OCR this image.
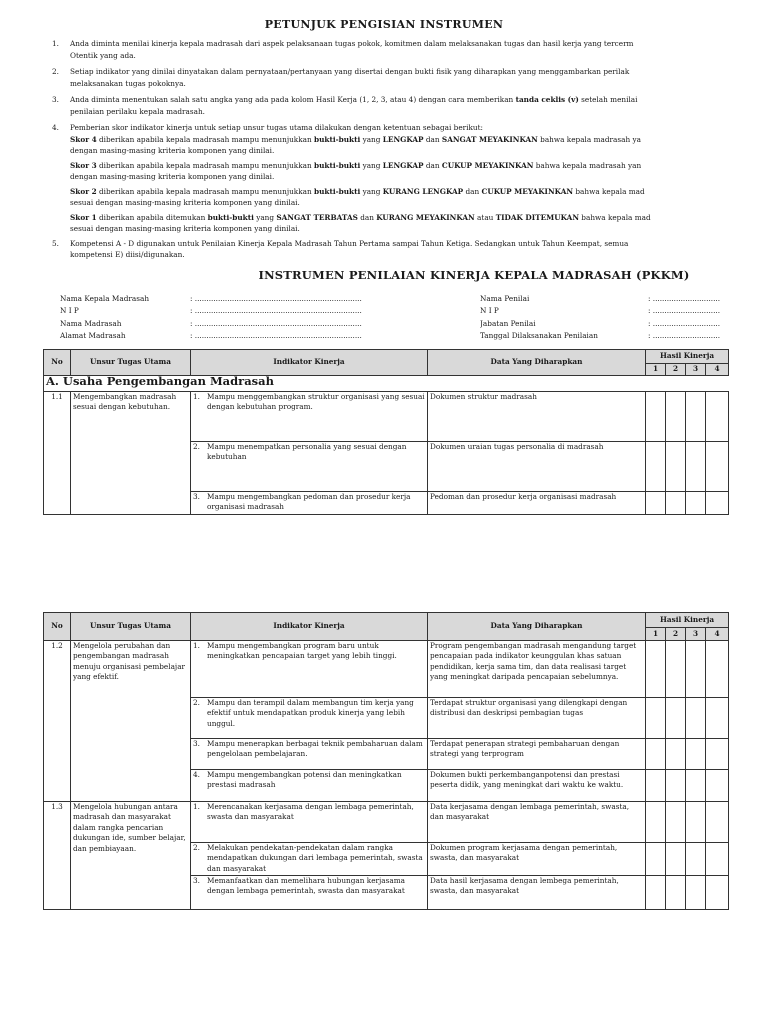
PETUNJUK PENGISIAN INSTRUMEN
1. Anda diminta menilai kinerja kepala madrasah dari aspek pelaksanaan tugas pokok, komitmen dalam melaksanakan tugas dan hasil kerja yang tercerm
Otentik yang ada.
2. Setiap indikator yang dinilai dinyatakan dalam pernyataan/pertanyaan yang disertai dengan bukti fisik yang diharapkan yang menggambarkan perilak
melaksanakan tugas pokoknya.
3. Anda diminta menentukan salah satu angka yang ada pada kolom Hasil Kerja (1, 2, 3, atau 4) dengan cara memberikan tanda ceklis (v) setelah menilai
penilaian perilaku kepala madrasah.
4. Pemberian skor indikator kinerja untuk setiap unsur tugas utama dilakukan dengan ketentuan sebagai berikut:
Skor 4 diberikan apabila kepala madrasah mampu menunjukkan bukti-bukti yang LENGKAP dan SANGAT MEYAKINKAN bahwa kepala madrasah ya
dengan masing-masing kriteria komponen yang dinilai.
Skor 3 diberikan apabila kepala madrasah mampu menunjukkan bukti-bukti yang LENGKAP dan CUKUP MEYAKINKAN bahwa kepala madrasah yan
dengan masing-masing kriteria komponen yang dinilai.
Skor 2 diberikan apabila kepala madrasah mampu menunjukkan bukti-bukti yang KURANG LENGKAP dan CUKUP MEYAKINKAN bahwa kepala mad
sesuai dengan masing-masing kriteria komponen yang dinilai.
Skor 1 diberikan apabila ditemukan bukti-bukti yang SANGAT TERBATAS dan KURANG MEYAKINKAN atau TIDAK DITEMUKAN bahwa kepala mad
sesuai dengan masing-masing kriteria komponen yang dinilai.
5. Kompetensi A - D digunakan untuk Penilaian Kinerja Kepala Madrasah Tahun Pertama sampai Tahun Ketiga. Sedangkan untuk Tahun Keempat, semua
kompetensi E) diisi/digunakan.
INSTRUMEN PENILAIAN KINERJA KEPALA MADRASAH (PKKM)
Nama Kepala Madrasah	: ........................................................................
N I P	: ........................................................................
Nama Madrasah	: ........................................................................
Alamat Madrasah	: ........................................................................
Nama Penilai	: .............................
N I P	: .............................
Jabatan Penilai	: .............................
Tanggal Dilaksanakan Penilaian	: .............................
No	Unsur Tugas Utama	Indikator Kinerja	Data Yang Diharapkan	Hasil Kinerja			
				1	2	3	4
A. Usaha Pengembangan Madrasah							
1.1	Mengembangkan madrasah sesuai dengan kebutuhan.	1. Mampu menggembangkan struktur organisasi yang sesuai dengan kebutuhan program.	Dokumen struktur madrasah				

		2. Mampu menempatkan personalia yang sesuai dengan kebutuhan	Dokumen uraian tugas personalia di madrasah				

		3. Mampu mengembangkan pedoman dan prosedur kerja organisasi madrasah	Pedoman dan prosedur kerja organisasi madrasah				
No	Unsur Tugas Utama	Indikator Kinerja	Data Yang Diharapkan	Hasil Kinerja			
				1	2	3	4
1.2	Mengelola perubahan dan pengembangan madrasah menuju organisasi pembelajar yang efektif.	1. Mampu mengembangkan program baru untuk meningkatkan pencapaian target yang lebih tinggi.	Program pengembangan madrasah mengandung target pencapaian pada indikator keunggulan khas satuan pendidikan, kerja sama tim, dan data realisasi target yang meningkat daripada pencapaian sebelumnya.				

		2. Mampu dan terampil dalam membangun tim kerja yang efektif untuk mendapatkan produk kinerja yang lebih unggul.	Terdapat struktur organisasi yang dilengkapi dengan distribusi dan deskripsi pembagian tugas				

		3. Mampu menerapkan berbagai teknik pembaharuan dalam pengelolaan pembelajaran.	Terdapat penerapan strategi pembaharuan dengan strategi yang terprogram				

		4. Mampu mengembangkan potensi dan meningkatkan prestasi madrasah	Dokumen bukti perkembanganpotensi dan prestasi peserta didik, yang meningkat dari waktu ke waktu.				

1.3	Mengelola hubungan antara madrasah dan masyarakat dalam rangka pencarian dukungan ide, sumber belajar, dan pembiayaan.	1. Merencanakan kerjasama dengan lembaga pemerintah, swasta dan masyarakat	Data kerjasama dengan lembaga pemerintah, swasta, dan masyarakat				

		2. Melakukan pendekatan-pendekatan dalam rangka mendapatkan dukungan dari lembaga pemerintah, swasta dan masyarakat	Dokumen program kerjasama dengan pemerintah, swasta, dan masyarakat				

		3. Memanfaatkan dan memelihara hubungan kerjasama dengan lembaga pemerintah, swasta dan masyarakat	Data hasil kerjasama dengan lembega pemerintah, swasta, dan masyarakat				
